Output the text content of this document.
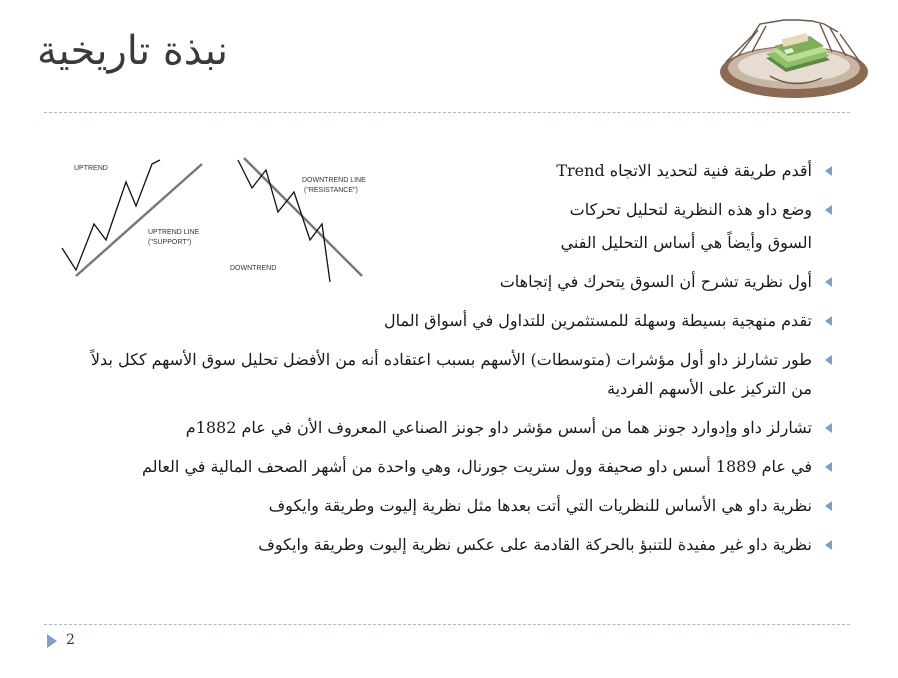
نبذة تاريخية
UPTREND
UPTREND LINE
("SUPPORT")
DOWNTREND LINE
("RESISTANCE")
DOWNTREND
أقدم طريقة فنية لتحديد الاتجاه Trend
وضع داو هذه النظرية لتحليل تحركات
السوق وأيضاً هي أساس التحليل الفني
أول نظرية تشرح أن السوق يتحرك في إتجاهات
تقدم منهجية بسيطة وسهلة للمستثمرين للتداول في أسواق المال
طور تشارلز داو أول مؤشرات (متوسطات) الأسهم بسبب اعتقاده أنه من الأفضل تحليل سوق الأسهم ككل بدلاً من التركيز على الأسهم الفردية
تشارلز داو وإدوارد جونز هما من أسس مؤشر داو جونز الصناعي المعروف الأن في عام 1882م
في عام 1889 أسس داو صحيفة وول ستريت جورنال، وهي واحدة من أشهر الصحف المالية في العالم
نظرية داو هي الأساس للنظريات التي أتت بعدها مثل نظرية إليوت وطريقة وايكوف
نظرية داو غير مفيدة للتنبؤ بالحركة القادمة على عكس نظرية إليوت وطريقة وايكوف
2
